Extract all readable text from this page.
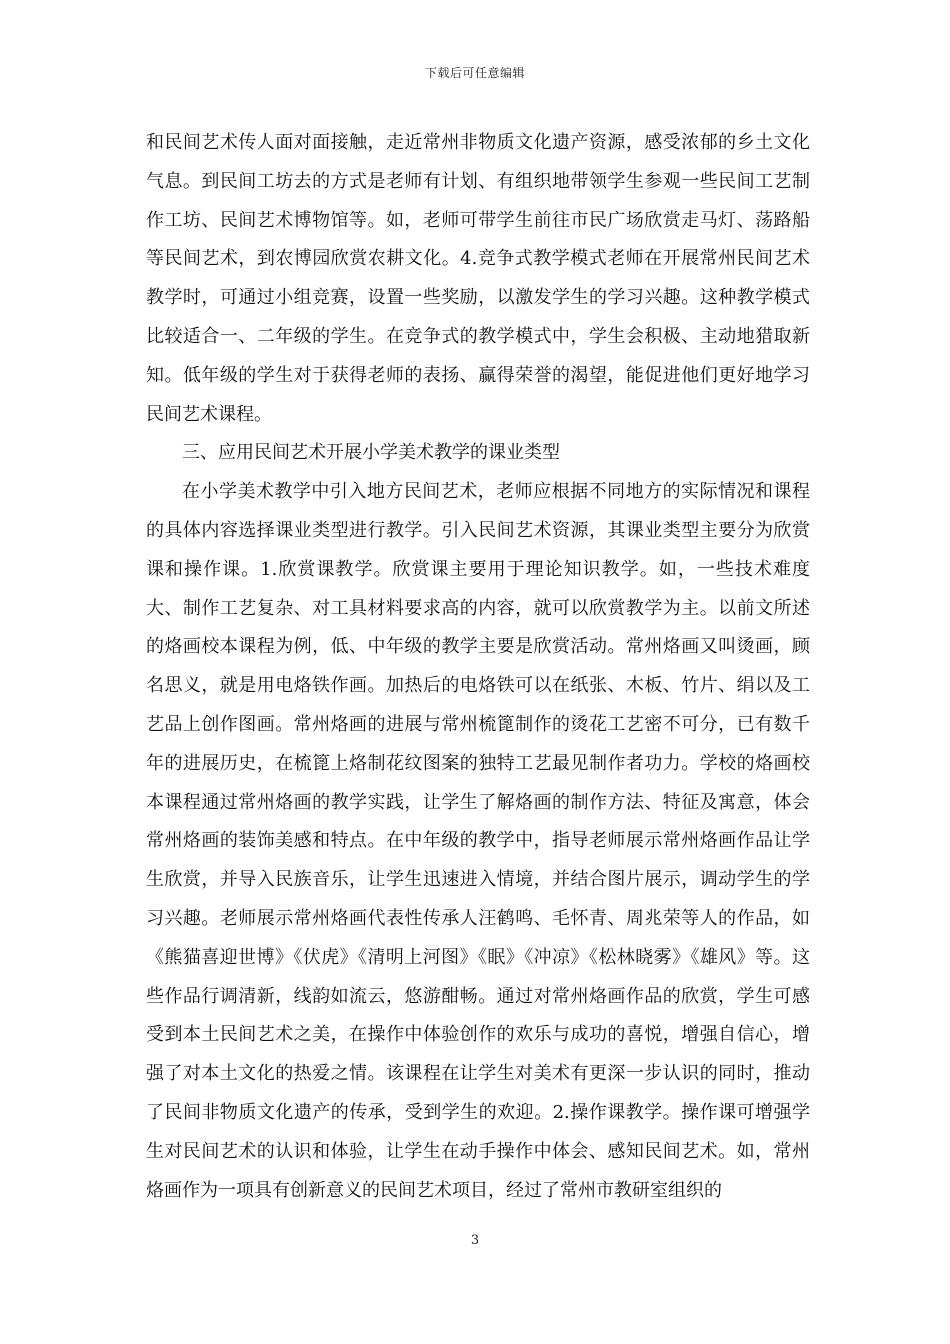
下载后可任意编辑

和民间艺术传人面对面接触，走近常州非物质文化遗产资源，感受浓郁的乡土文化气息。到民间工坊去的方式是老师有计划、有组织地带领学生参观一些民间工艺制作工坊、民间艺术博物馆等。如，老师可带学生前往市民广场欣赏走马灯、荡路船等民间艺术，到农博园欣赏农耕文化。4.竞争式教学模式老师在开展常州民间艺术教学时，可通过小组竞赛，设置一些奖励，以激发学生的学习兴趣。这种教学模式比较适合一、二年级的学生。在竞争式的教学模式中，学生会积极、主动地猎取新知。低年级的学生对于获得老师的表扬、赢得荣誉的渴望，能促进他们更好地学习民间艺术课程。

三、应用民间艺术开展小学美术教学的课业类型

在小学美术教学中引入地方民间艺术，老师应根据不同地方的实际情况和课程的具体内容选择课业类型进行教学。引入民间艺术资源，其课业类型主要分为欣赏课和操作课。1.欣赏课教学。欣赏课主要用于理论知识教学。如，一些技术难度大、制作工艺复杂、对工具材料要求高的内容，就可以欣赏教学为主。以前文所述的烙画校本课程为例，低、中年级的教学主要是欣赏活动。常州烙画又叫烫画，顾名思义，就是用电烙铁作画。加热后的电烙铁可以在纸张、木板、竹片、绢以及工艺品上创作图画。常州烙画的进展与常州梳篦制作的烫花工艺密不可分，已有数千年的进展历史，在梳篦上烙制花纹图案的独特工艺最见制作者功力。学校的烙画校本课程通过常州烙画的教学实践，让学生了解烙画的制作方法、特征及寓意，体会常州烙画的装饰美感和特点。在中年级的教学中，指导老师展示常州烙画作品让学生欣赏，并导入民族音乐，让学生迅速进入情境，并结合图片展示，调动学生的学习兴趣。老师展示常州烙画代表性传承人汪鹤鸣、毛怀青、周兆荣等人的作品，如《熊猫喜迎世博》《伏虎》《清明上河图》《眠》《冲凉》《松林晓雾》《雄风》等。这些作品行调清新，线韵如流云，悠游酣畅。通过对常州烙画作品的欣赏，学生可感受到本土民间艺术之美，在操作中体验创作的欢乐与成功的喜悦，增强自信心，增强了对本土文化的热爱之情。该课程在让学生对美术有更深一步认识的同时，推动了民间非物质文化遗产的传承，受到学生的欢迎。2.操作课教学。操作课可增强学生对民间艺术的认识和体验，让学生在动手操作中体会、感知民间艺术。如，常州烙画作为一项具有创新意义的民间艺术项目，经过了常州市教研室组织的

3
